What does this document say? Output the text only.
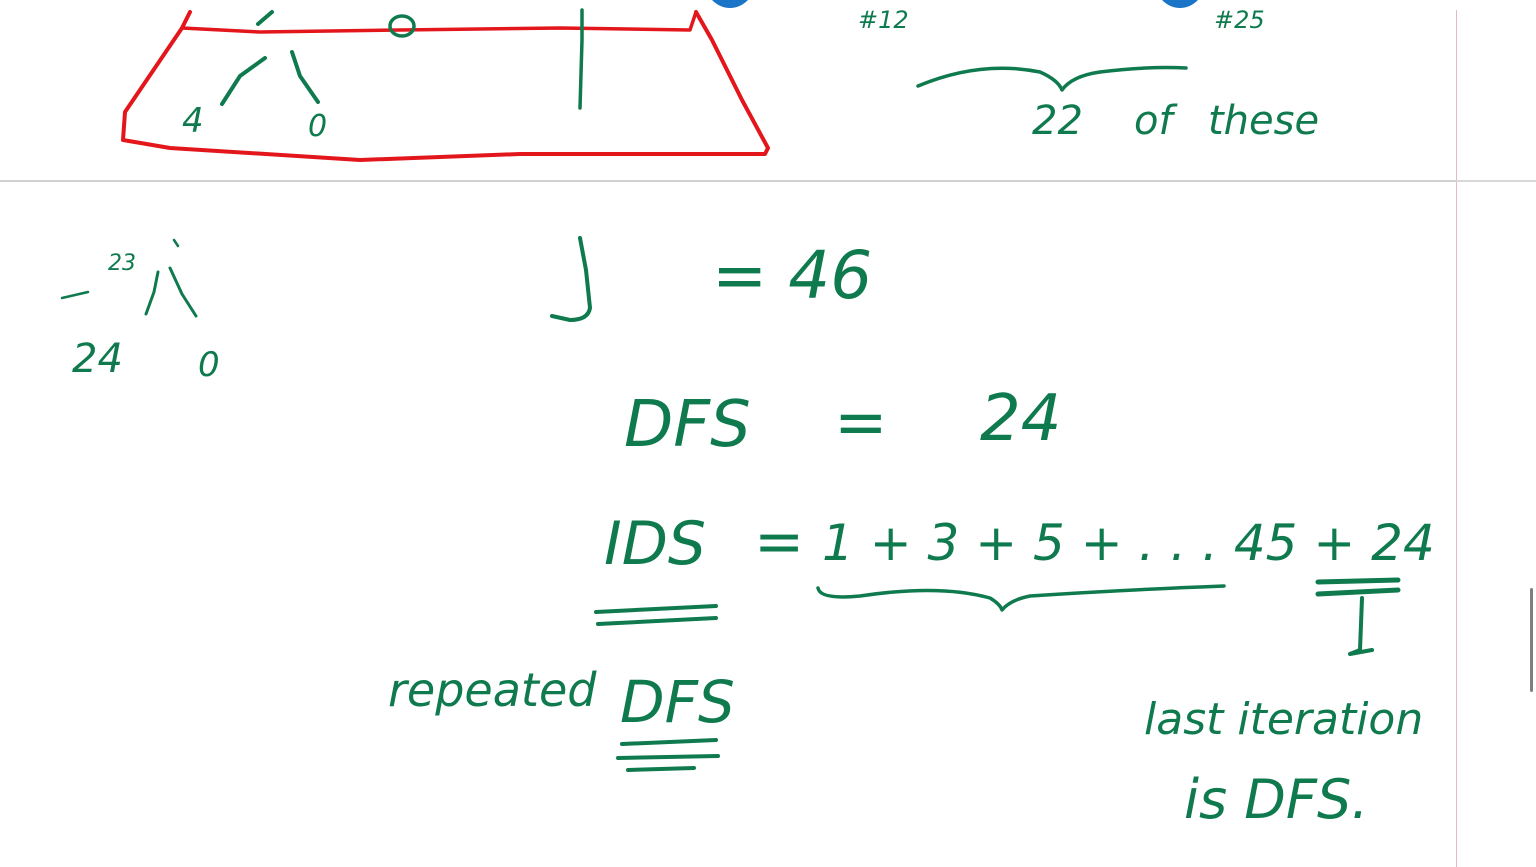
4	0
#12	#25
22 of these
23
24 0
= 46
DFS = 24
IDS = 1 + 3 + 5 + . . . 45 + 24
repeated DFS	last iteration
is DFS.
